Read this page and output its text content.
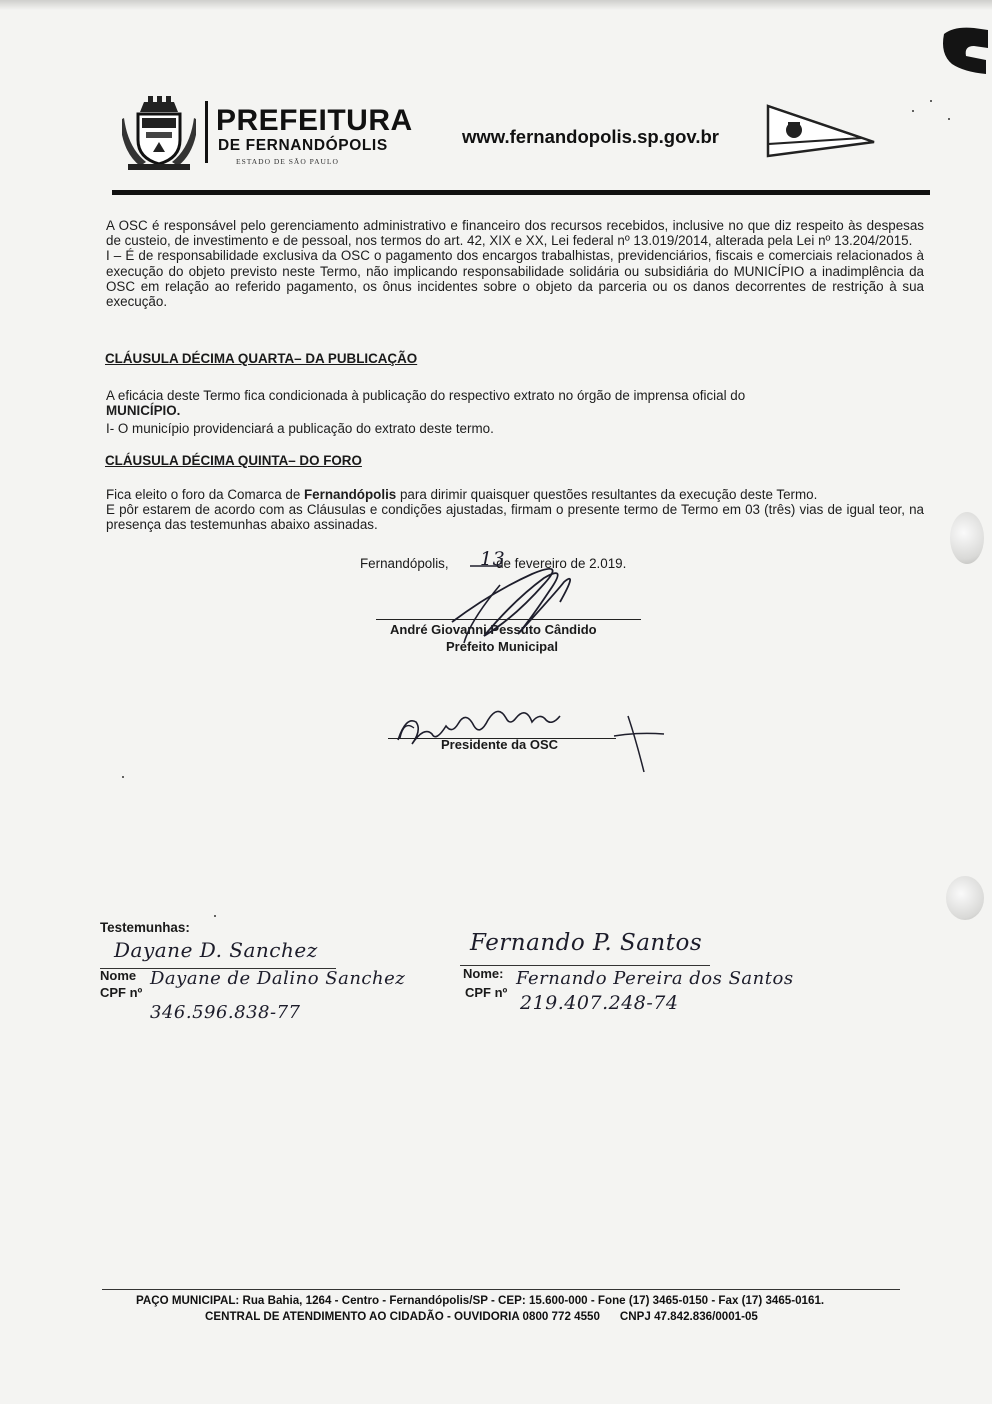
PREFEITURA
DE FERNANDÓPOLIS
ESTADO DE SÃO PAULO
www.fernandopolis.sp.gov.br
A OSC é responsável pelo gerenciamento administrativo e financeiro dos recursos recebidos, inclusive no que diz respeito às despesas de custeio, de investimento e de pessoal, nos termos do art. 42, XIX e XX, Lei federal nº 13.019/2014, alterada pela Lei nº 13.204/2015.
I – É de responsabilidade exclusiva da OSC o pagamento dos encargos trabalhistas, previdenciários, fiscais e comerciais relacionados à execução do objeto previsto neste Termo, não implicando responsabilidade solidária ou subsidiária do MUNICÍPIO a inadimplência da OSC em relação ao referido pagamento, os ônus incidentes sobre o objeto da parceria ou os danos decorrentes de restrição à sua execução.
CLÁUSULA DÉCIMA QUARTA– DA PUBLICAÇÃO
A eficácia deste Termo fica condicionada à publicação do respectivo extrato no órgão de imprensa oficial do
MUNICÍPIO.
I- O município providenciará a publicação do extrato deste termo.
CLÁUSULA DÉCIMA QUINTA– DO FORO
Fica eleito o foro da Comarca de Fernandópolis para dirimir quaisquer questões resultantes da execução deste Termo.
E pôr estarem de acordo com as Cláusulas e condições ajustadas, firmam o presente termo de Termo em 03 (três) vias de igual teor, na presença das testemunhas abaixo assinadas.
Fernandópolis,	de fevereiro de 2.019.
13
André Giovanni Pessuto Cândido
Prefeito Municipal
Presidente da OSC
Testemunhas:
Dayane D. Sanchez
Nome
CPF nº
Dayane de Dalino Sanchez
346.596.838-77
Fernando P. Santos
Nome:
CPF nº
Fernando Pereira dos Santos
219.407.248-74
PAÇO MUNICIPAL: Rua Bahia, 1264 - Centro - Fernandópolis/SP - CEP: 15.600-000 - Fone (17) 3465-0150 - Fax (17) 3465-0161.
CENTRAL DE ATENDIMENTO AO CIDADÃO - OUVIDORIA 0800 772 4550 CNPJ 47.842.836/0001-05
